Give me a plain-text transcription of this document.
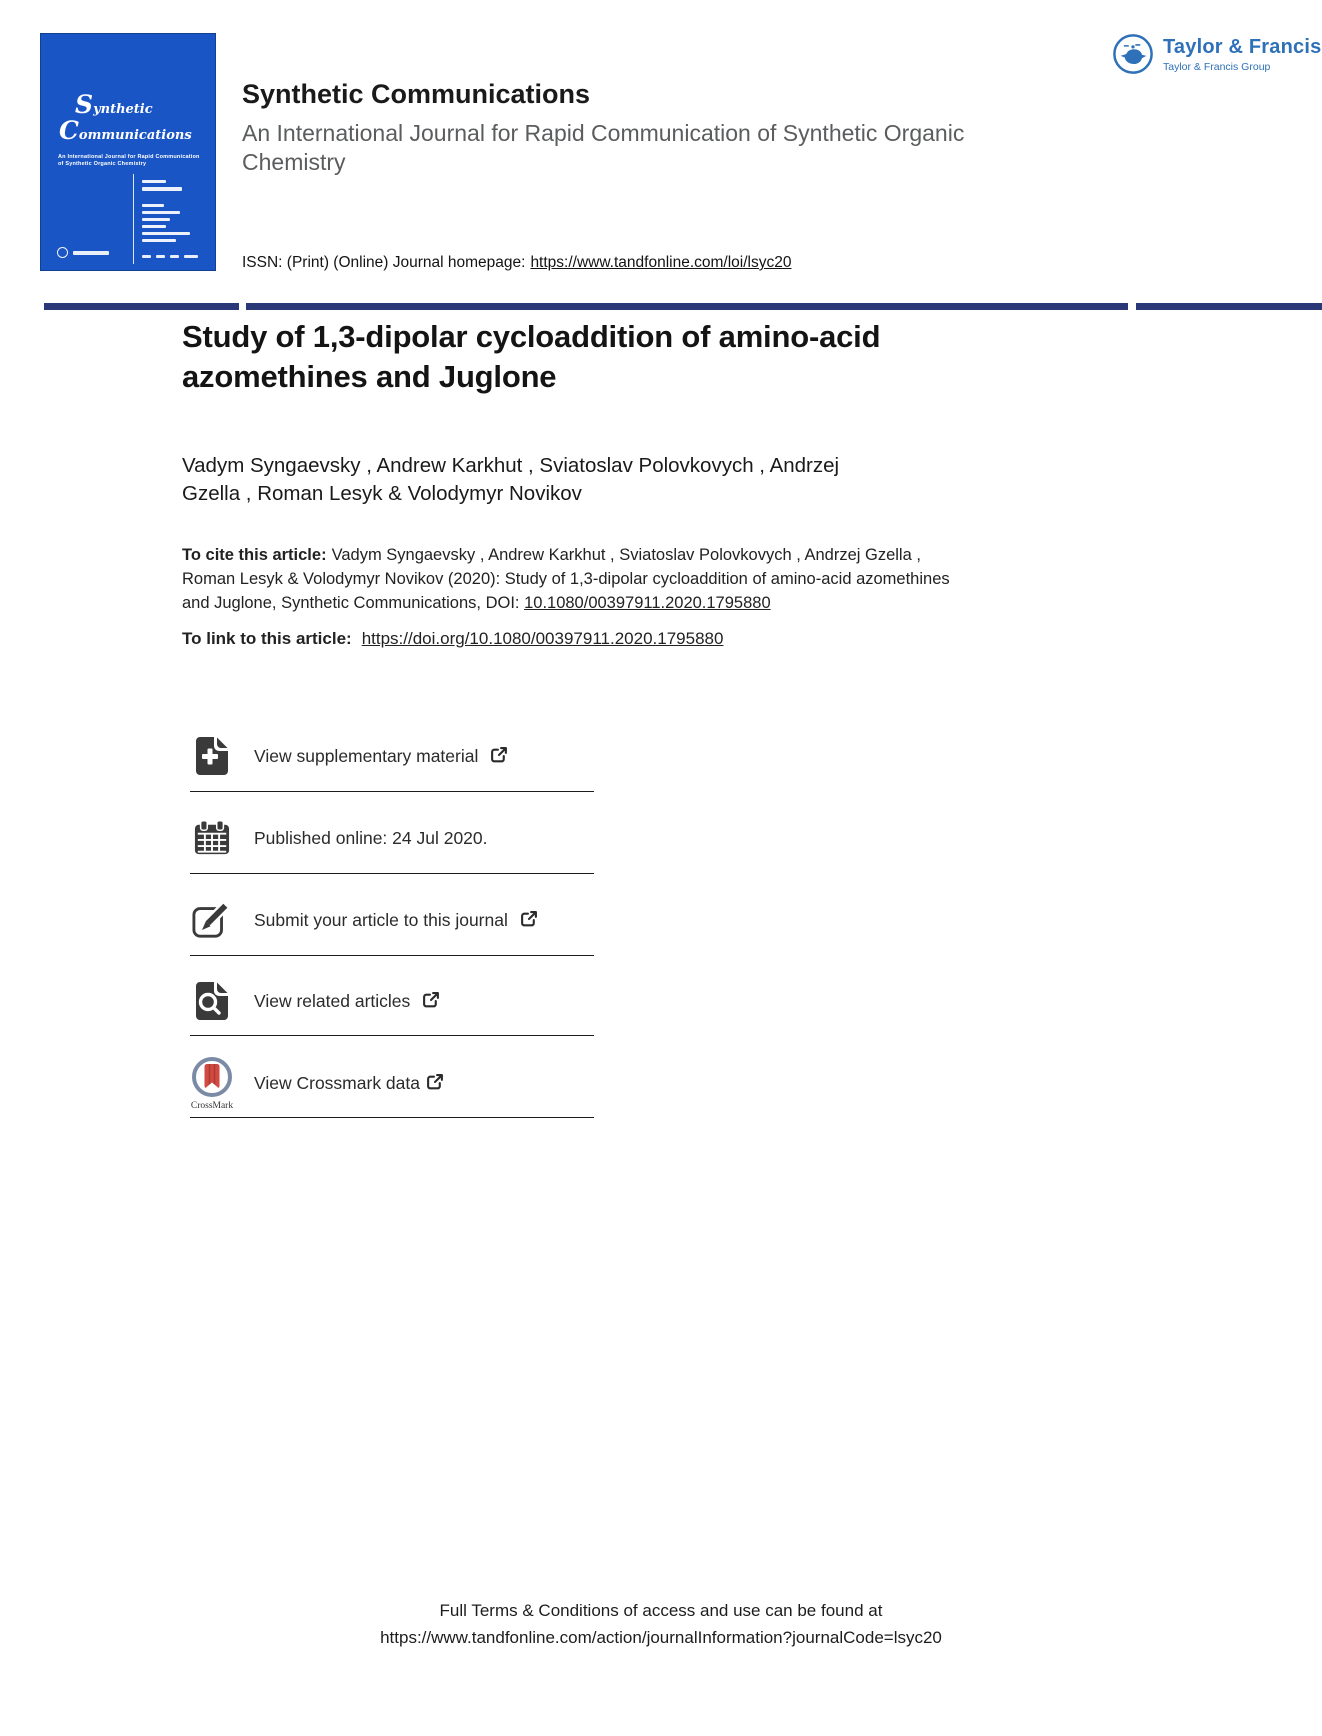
Synthetic
Communications
An International Journal for Rapid Communication of Synthetic Organic Chemistry
Taylor & Francis
Taylor & Francis Group
Synthetic Communications
An International Journal for Rapid Communication of Synthetic Organic Chemistry
ISSN: (Print) (Online) Journal homepage: https://www.tandfonline.com/loi/lsyc20
Study of 1,3-dipolar cycloaddition of amino-acid azomethines and Juglone
Vadym Syngaevsky , Andrew Karkhut , Sviatoslav Polovkovych , Andrzej Gzella , Roman Lesyk & Volodymyr Novikov
To cite this article: Vadym Syngaevsky , Andrew Karkhut , Sviatoslav Polovkovych , Andrzej Gzella , Roman Lesyk & Volodymyr Novikov (2020): Study of 1,3-dipolar cycloaddition of amino-acid azomethines and Juglone, Synthetic Communications, DOI: 10.1080/00397911.2020.1795880
To link to this article: https://doi.org/10.1080/00397911.2020.1795880
View supplementary material
Published online: 24 Jul 2020.
Submit your article to this journal
View related articles
CrossMark
View Crossmark data
Full Terms & Conditions of access and use can be found at
https://www.tandfonline.com/action/journalInformation?journalCode=lsyc20
